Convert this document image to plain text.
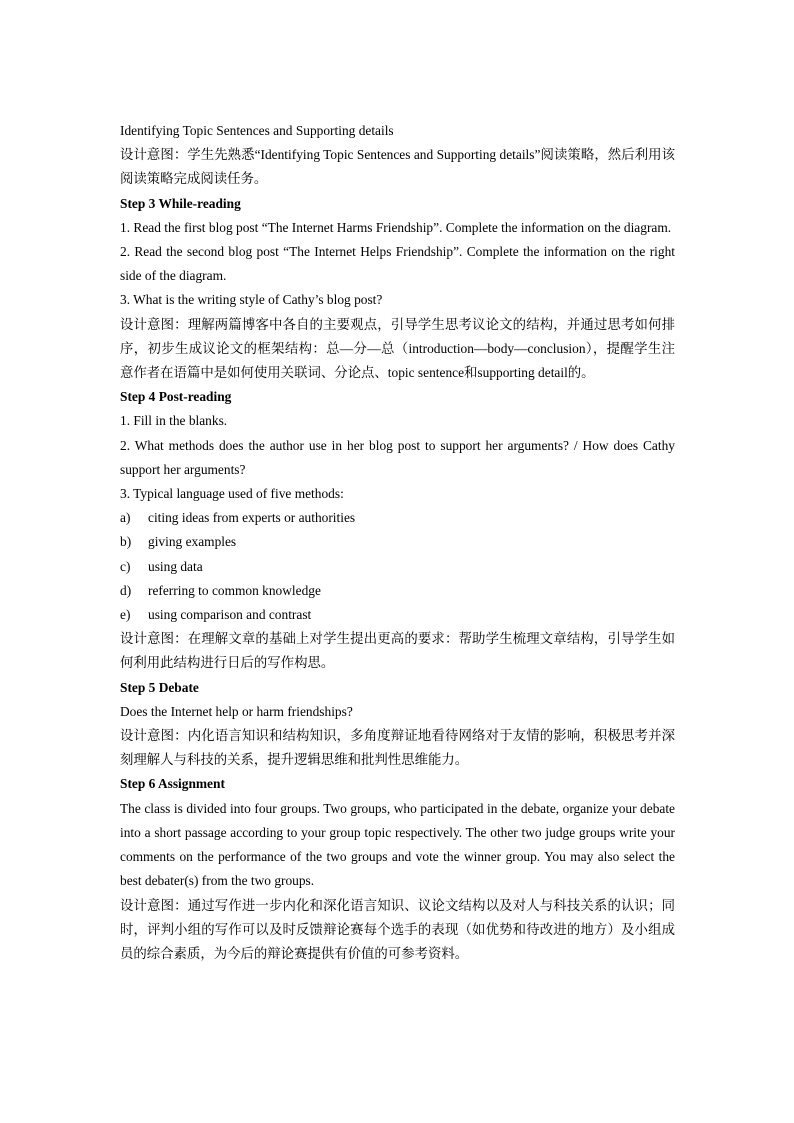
Identifying Topic Sentences and Supporting details

设计意图：学生先熟悉“Identifying Topic Sentences and Supporting details”阅读策略，然后利用该阅读策略完成阅读任务。

Step 3 While-reading

1. Read the first blog post “The Internet Harms Friendship”. Complete the information on the diagram.

2. Read the second blog post “The Internet Helps Friendship”. Complete the information on the right side of the diagram.

3. What is the writing style of Cathy’s blog post?

设计意图：理解两篇博客中各自的主要观点，引导学生思考议论文的结构，并通过思考如何排序，初步生成议论文的框架结构：总—分—总（introduction—body—conclusion），提醒学生注意作者在语篇中是如何使用关联词、分论点、topic sentence和supporting detail的。

Step 4 Post-reading

1. Fill in the blanks.

2. What methods does the author use in her blog post to support her arguments? / How does Cathy support her arguments?

3. Typical language used of five methods:

a)	citing ideas from experts or authorities
b)	giving examples
c)	using data
d)	referring to common knowledge
e)	using comparison and contrast

设计意图：在理解文章的基础上对学生提出更高的要求：帮助学生梳理文章结构，引导学生如何利用此结构进行日后的写作构思。

Step 5 Debate

Does the Internet help or harm friendships?

设计意图：内化语言知识和结构知识，多角度辩证地看待网络对于友情的影响，积极思考并深刻理解人与科技的关系，提升逻辑思维和批判性思维能力。

Step 6 Assignment

The class is divided into four groups. Two groups, who participated in the debate, organize your debate into a short passage according to your group topic respectively. The other two judge groups write your comments on the performance of the two groups and vote the winner group. You may also select the best debater(s) from the two groups.

设计意图：通过写作进一步内化和深化语言知识、议论文结构以及对人与科技关系的认识；同时，评判小组的写作可以及时反馈辩论赛每个选手的表现（如优势和待改进的地方）及小组成员的综合素质，为今后的辩论赛提供有价值的可参考资料。
